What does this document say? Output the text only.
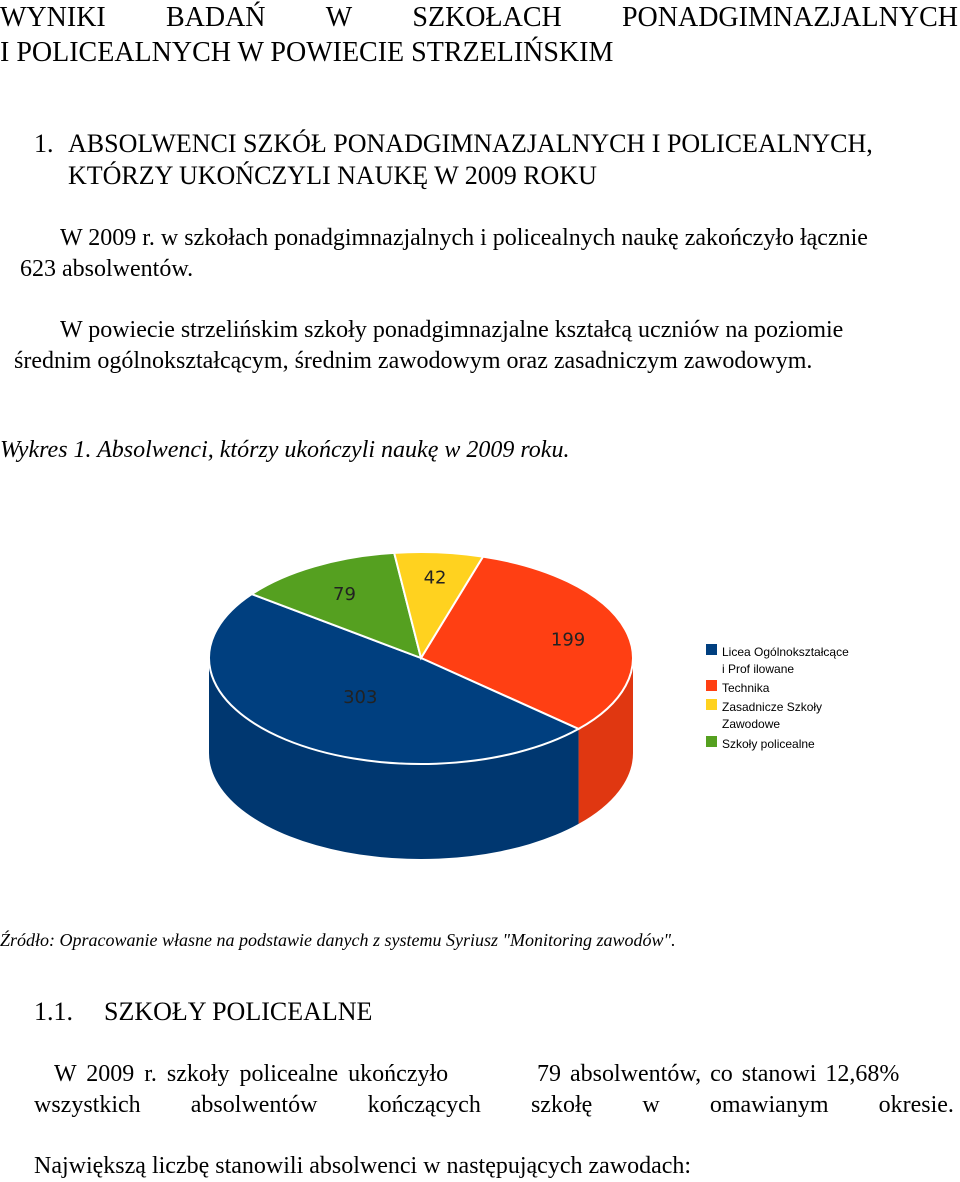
WYNIKI BADAŃ W SZKOŁACH PONADGIMNAZJALNYCH
I POLICEALNYCH W POWIECIE STRZELIŃSKIM
1. ABSOLWENCI SZKÓŁ PONADGIMNAZJALNYCH I POLICEALNYCH,
KTÓRZY UKOŃCZYLI NAUKĘ W 2009 ROKU
W 2009 r. w szkołach ponadgimnazjalnych i policealnych naukę zakończyło łącznie
623 absolwentów.
W powiecie strzelińskim szkoły ponadgimnazjalne kształcą uczniów na poziomie
średnim ogólnokształcącym, średnim zawodowym oraz zasadniczym zawodowym.
Wykres 1. Absolwenci, którzy ukończyli naukę w 2009 roku.
199
303
79
42
Licea Ogólnokształcące
i Prof ilowane
Technika
Zasadnicze Szkoły
Zawodowe
Szkoły policealne
Źródło: Opracowanie własne na podstawie danych z systemu Syriusz "Monitoring zawodów".
1.1. SZKOŁY POLICEALNE
W 2009 r. szkoły policealne ukończyło	79 absolwentów, co stanowi 12,68%
wszystkich absolwentów kończących szkołę w omawianym okresie.
Największą liczbę stanowili absolwenci w następujących zawodach:
